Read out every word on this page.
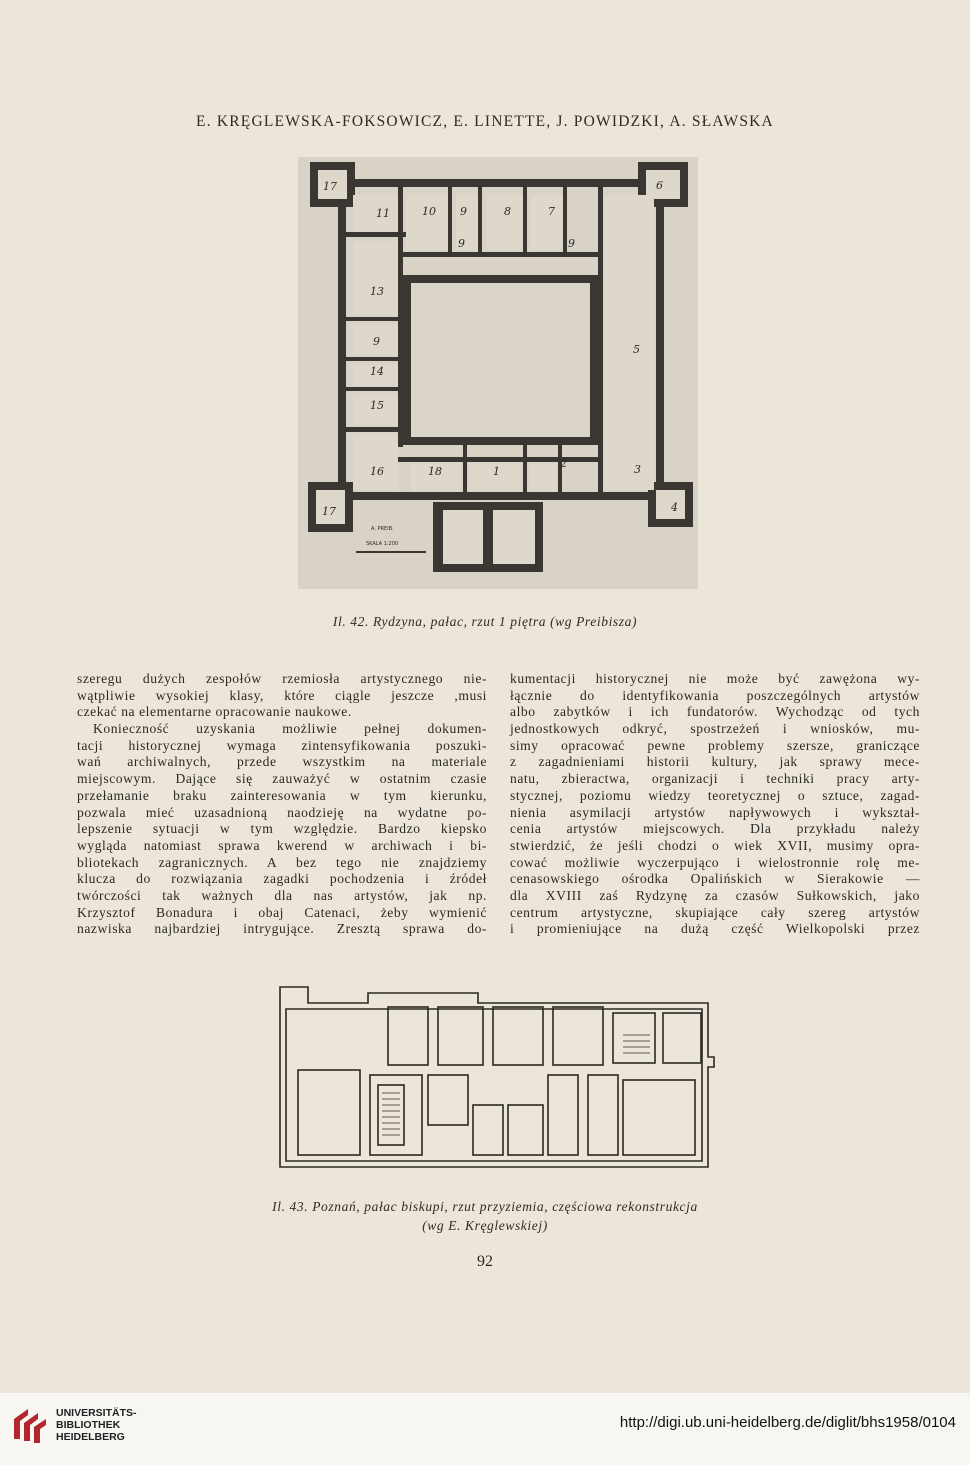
E. KRĘGLEWSKA-FOKSOWICZ, E. LINETTE, J. POWIDZKI, A. SŁAWSKA
17
11	10 9	8	7
6
9	9
13
9
14
15
5
16	18	1
2	3
17	4
A. PREIB.
SKALA 1:200
Il. 42. Rydzyna, pałac, rzut 1 piętra (wg Preibisza)
szeregu dużych zespołów rzemiosła artystycznego nie-
wątpliwie wysokiej klasy, które ciągle jeszcze ,musi
czekać na elementarne opracowanie naukowe.
Konieczność uzyskania możliwie pełnej dokumen-
tacji historycznej wymaga zintensyfikowania poszuki-
wań archiwalnych, przede wszystkim na materiale
miejscowym. Dające się zauważyć w ostatnim czasie
przełamanie braku zainteresowania w tym kierunku,
pozwala mieć uzasadnioną naodzieję na wydatne po-
lepszenie sytuacji w tym względzie. Bardzo kiepsko
wygląda natomiast sprawa kwerend w archiwach i bi-
bliotekach zagranicznych. A bez tego nie znajdziemy
klucza do rozwiązania zagadki pochodzenia i źródeł
twórczości tak ważnych dla nas artystów, jak np.
Krzysztof Bonadura i obaj Catenaci, żeby wymienić
nazwiska najbardziej intrygujące. Zresztą sprawa do-
kumentacji historycznej nie może być zawężona wy-
łącznie do identyfikowania poszczególnych artystów
albo zabytków i ich fundatorów. Wychodząc od tych
jednostkowych odkryć, spostrzeżeń i wniosków, mu-
simy opracować pewne problemy szersze, graniczące
z zagadnieniami historii kultury, jak sprawy mece-
natu, zbieractwa, organizacji i techniki pracy arty-
stycznej, poziomu wiedzy teoretycznej o sztuce, zagad-
nienia asymilacji artystów napływowych i wykształ-
cenia artystów miejscowych. Dla przykładu należy
stwierdzić, że jeśli chodzi o wiek XVII, musimy opra-
cować możliwie wyczerpująco i wielostronnie rolę me-
cenasowskiego ośrodka Opalińskich w Sierakowie —
dla XVIII zaś Rydzynę za czasów Sułkowskich, jako
centrum artystyczne, skupiające cały szereg artystów
i promieniujące na dużą część Wielkopolski przez
Il. 43. Poznań, pałac biskupi, rzut przyziemia, częściowa rekonstrukcja
(wg E. Kręglewskiej)
92
UNIVERSITÄTS-
BIBLIOTHEK
HEIDELBERG
http://digi.ub.uni-heidelberg.de/diglit/bhs1958/0104
